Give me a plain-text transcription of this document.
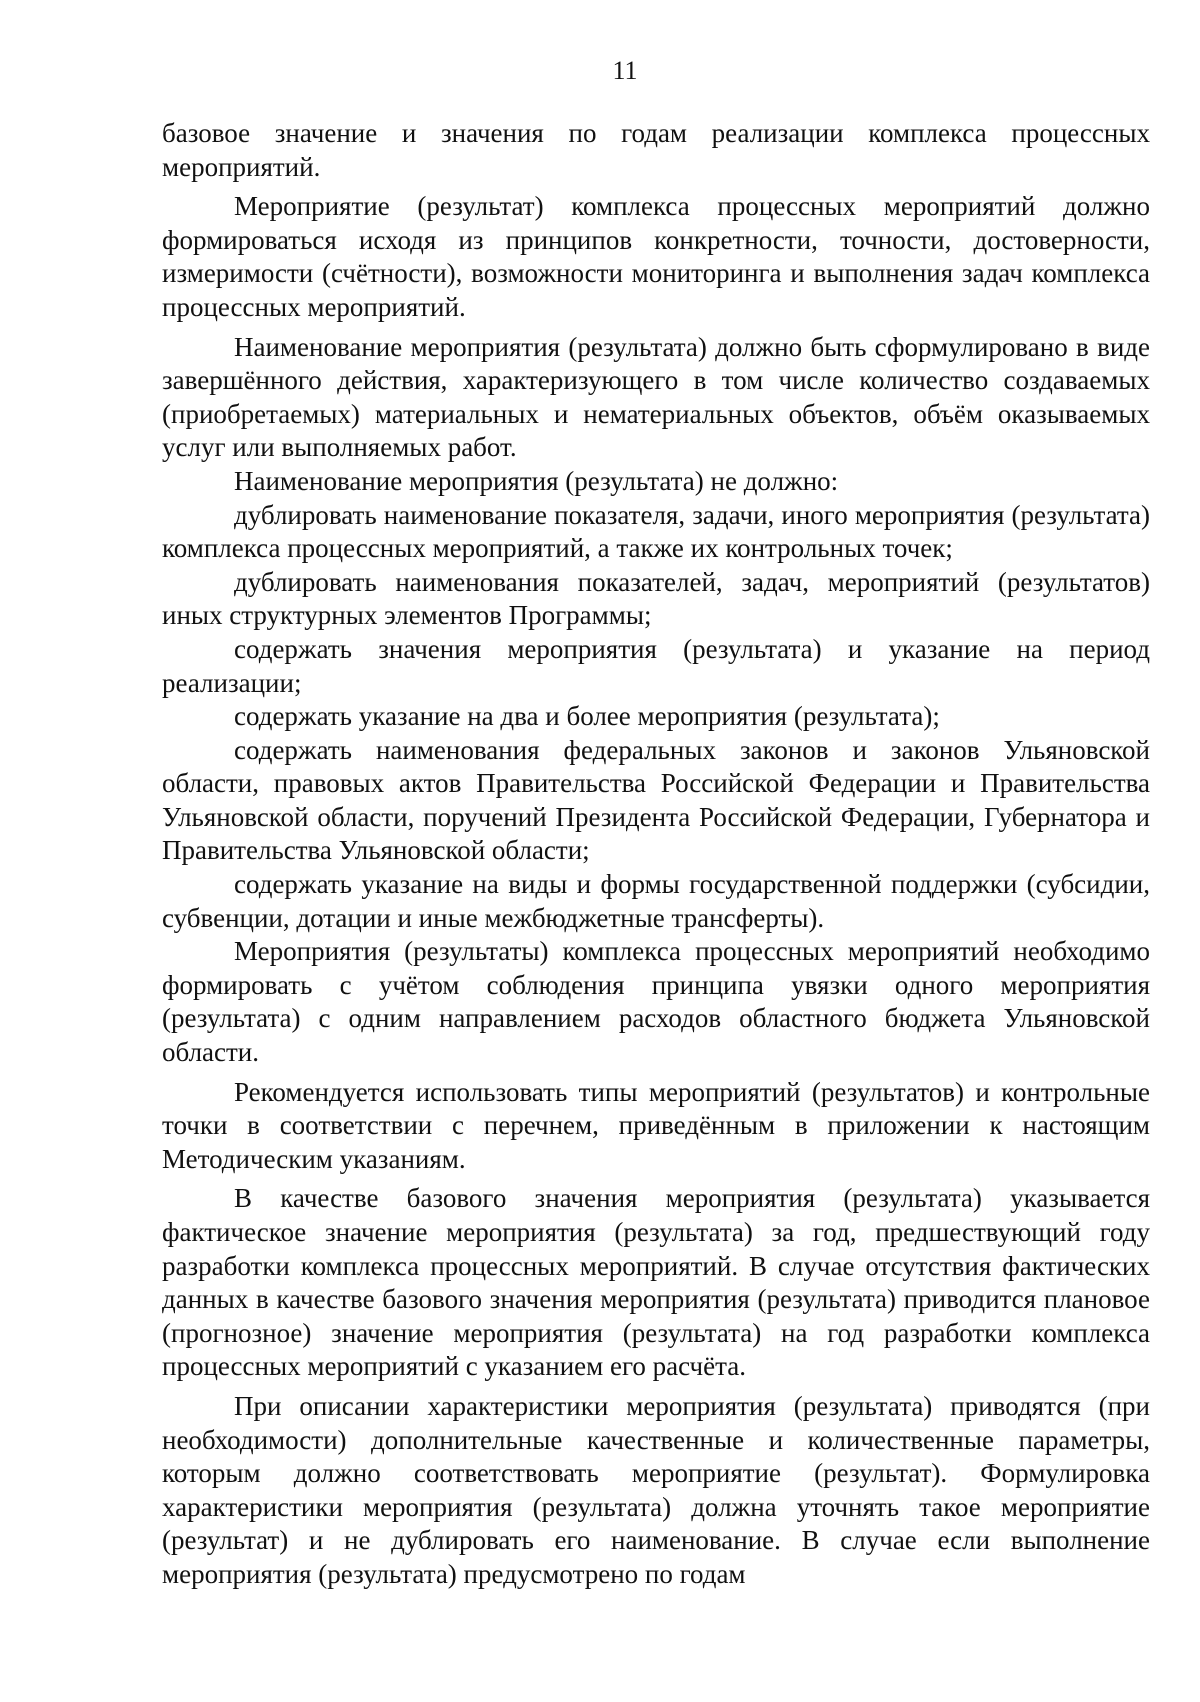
11

базовое значение и значения по годам реализации комплекса процессных мероприятий.

Мероприятие (результат) комплекса процессных мероприятий должно формироваться исходя из принципов конкретности, точности, достоверности, измеримости (счётности), возможности мониторинга и выполнения задач комплекса процессных мероприятий.

Наименование мероприятия (результата) должно быть сформулировано в виде завершённого действия, характеризующего в том числе количество создаваемых (приобретаемых) материальных и нематериальных объектов, объём оказываемых услуг или выполняемых работ.

Наименование мероприятия (результата) не должно:

дублировать наименование показателя, задачи, иного мероприятия (результата) комплекса процессных мероприятий, а также их контрольных точек;

дублировать наименования показателей, задач, мероприятий (результатов) иных структурных элементов Программы;

содержать значения мероприятия (результата) и указание на период реализации;

содержать указание на два и более мероприятия (результата);

содержать наименования федеральных законов и законов Ульяновской области, правовых актов Правительства Российской Федерации и Правительства Ульяновской области, поручений Президента Российской Федерации, Губернатора и Правительства Ульяновской области;

содержать указание на виды и формы государственной поддержки (субсидии, субвенции, дотации и иные межбюджетные трансферты).

Мероприятия (результаты) комплекса процессных мероприятий необходимо формировать с учётом соблюдения принципа увязки одного мероприятия (результата) с одним направлением расходов областного бюджета Ульяновской области.

Рекомендуется использовать типы мероприятий (результатов) и контрольные точки в соответствии с перечнем, приведённым в приложении к настоящим Методическим указаниям.

В качестве базового значения мероприятия (результата) указывается фактическое значение мероприятия (результата) за год, предшествующий году разработки комплекса процессных мероприятий. В случае отсутствия фактических данных в качестве базового значения мероприятия (результата) приводится плановое (прогнозное) значение мероприятия (результата) на год разработки комплекса процессных мероприятий с указанием его расчёта.

При описании характеристики мероприятия (результата) приводятся (при необходимости) дополнительные качественные и количественные параметры, которым должно соответствовать мероприятие (результат). Формулировка характеристики мероприятия (результата) должна уточнять такое мероприятие (результат) и не дублировать его наименование. В случае если выполнение мероприятия (результата) предусмотрено по годам
